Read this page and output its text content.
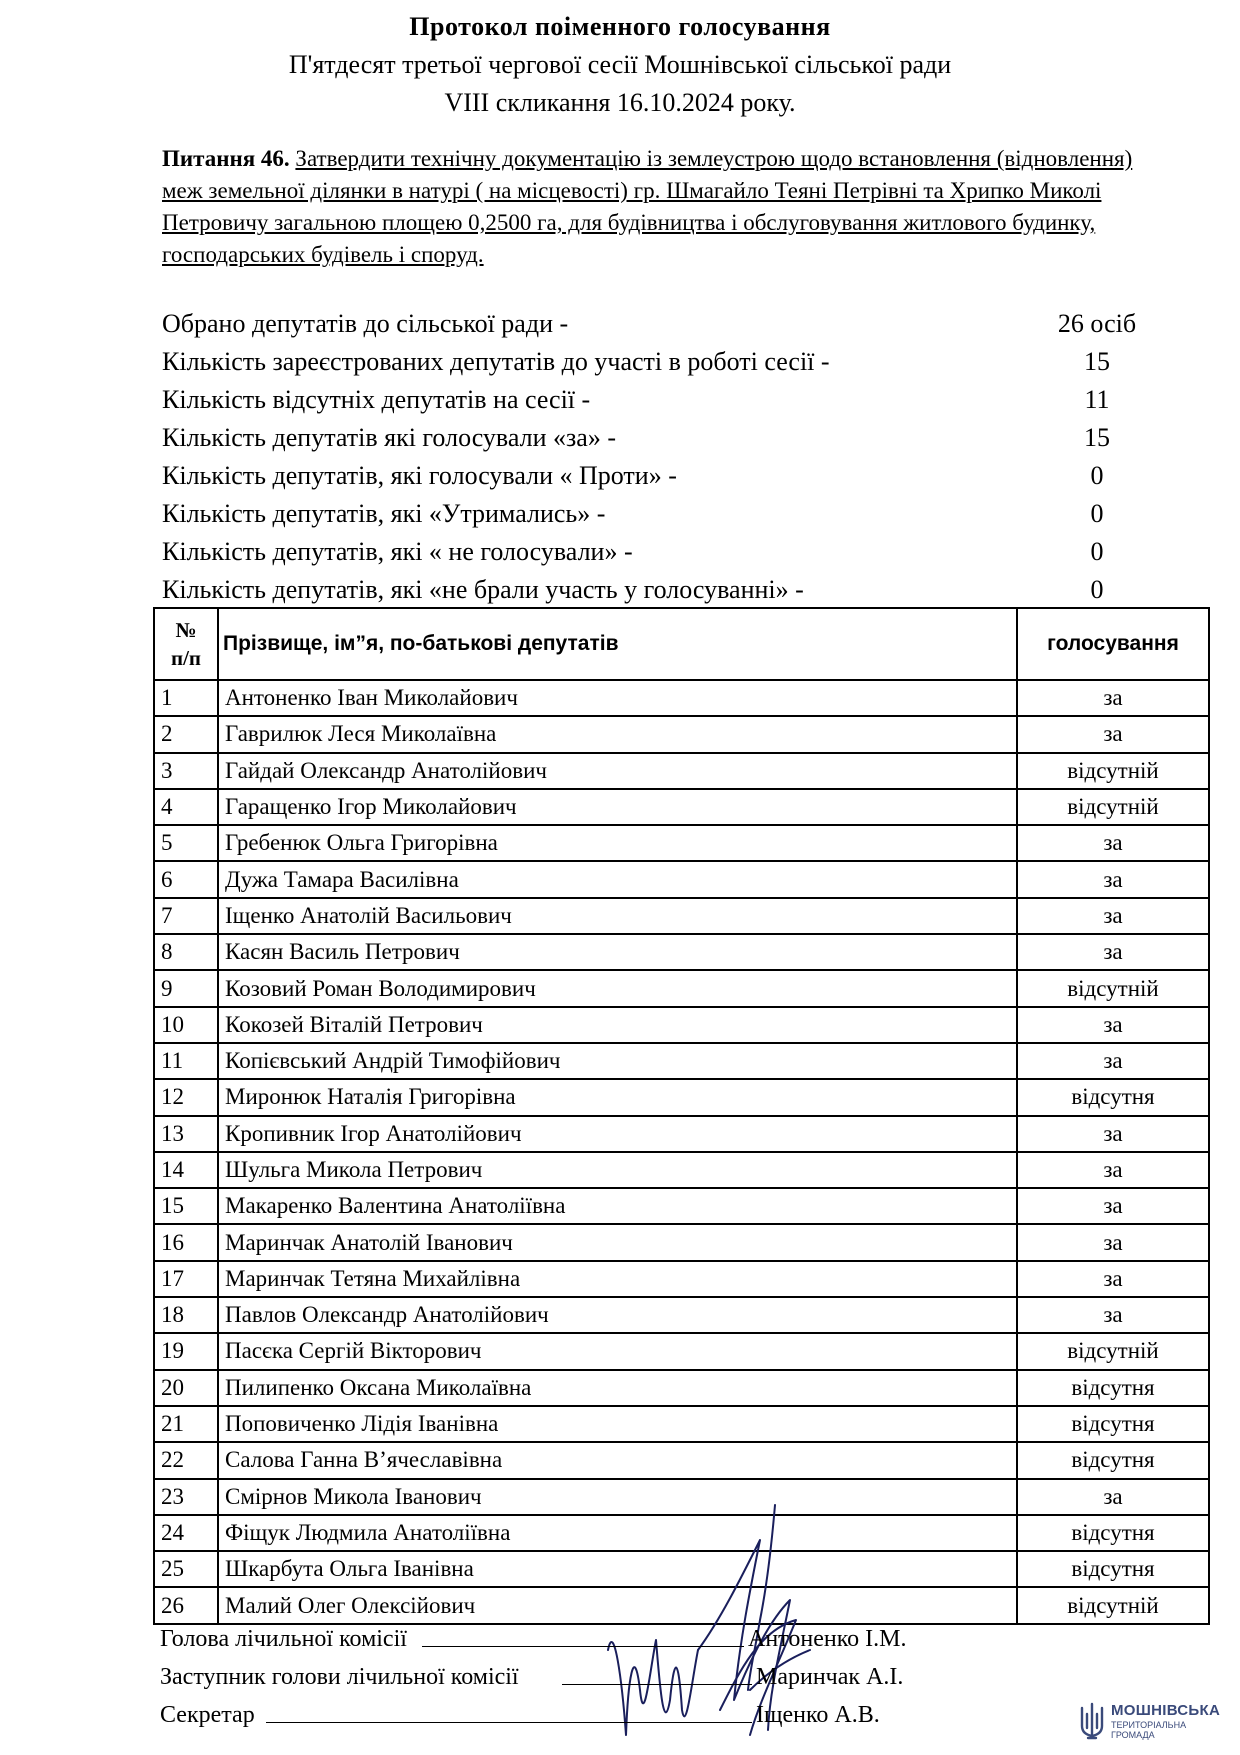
Протокол поіменного голосування
П'ятдесят третьої чергової сесії Мошнівської сільської ради
VIII скликання 16.10.2024 року.
Питання 46. Затвердити технічну документацію із землеустрою щодо встановлення (відновлення) меж земельної ділянки в натурі ( на місцевості) гр. Шмагайло Теяні Петрівні та Хрипко Миколі Петровичу загальною площею 0,2500 га, для будівництва і обслуговування житлового будинку, господарських будівель і споруд.
Обрано депутатів до сільської ради -	26 осіб
Кількість зареєстрованих депутатів до участі в роботі сесії -	15
Кількість відсутніх депутатів на сесії -	11
Кількість депутатів які голосували «за» -	15
Кількість депутатів, які голосували « Проти» -	0
Кількість депутатів, які «Утримались» -	0
Кількість депутатів, які « не голосували» -	0
Кількість депутатів, які «не брали участь у голосуванні» -	0
№
п/п	Прізвище, ім”я, по-батькові депутатів	голосування
1	Антоненко Іван Миколайович	за
2	Гаврилюк Леся Миколаївна	за
3	Гайдай Олександр Анатолійович	відсутній
4	Гаращенко Ігор Миколайович	відсутній
5	Гребенюк Ольга Григорівна	за
6	Дужа Тамара Василівна	за
7	Іщенко Анатолій Васильович	за
8	Касян Василь Петрович	за
9	Козовий Роман Володимирович	відсутній
10	Кокозей Віталій Петрович	за
11	Копієвський Андрій Тимофійович	за
12	Миронюк Наталія Григорівна	відсутня
13	Кропивник Ігор Анатолійович	за
14	Шульга Микола Петрович	за
15	Макаренко Валентина Анатоліївна	за
16	Маринчак Анатолій Іванович	за
17	Маринчак Тетяна Михайлівна	за
18	Павлов Олександр Анатолійович	за
19	Пасєка Сергій Вікторович	відсутній
20	Пилипенко Оксана Миколаївна	відсутня
21	Поповиченко Лідія Іванівна	відсутня
22	Салова Ганна В’ячеславівна	відсутня
23	Смірнов Микола Іванович	за
24	Фіщук Людмила Анатоліївна	відсутня
25	Шкарбута Ольга Іванівна	відсутня
26	Малий Олег Олексійович	відсутній
Голова лічильної комісії	Антоненко І.М.
Заступник голови лічильної комісії	Маринчак А.І.
Секретар	Іщенко А.В.	МОШНІВСЬКА
ТЕРИТОРІАЛЬНА ГРОМАДА
